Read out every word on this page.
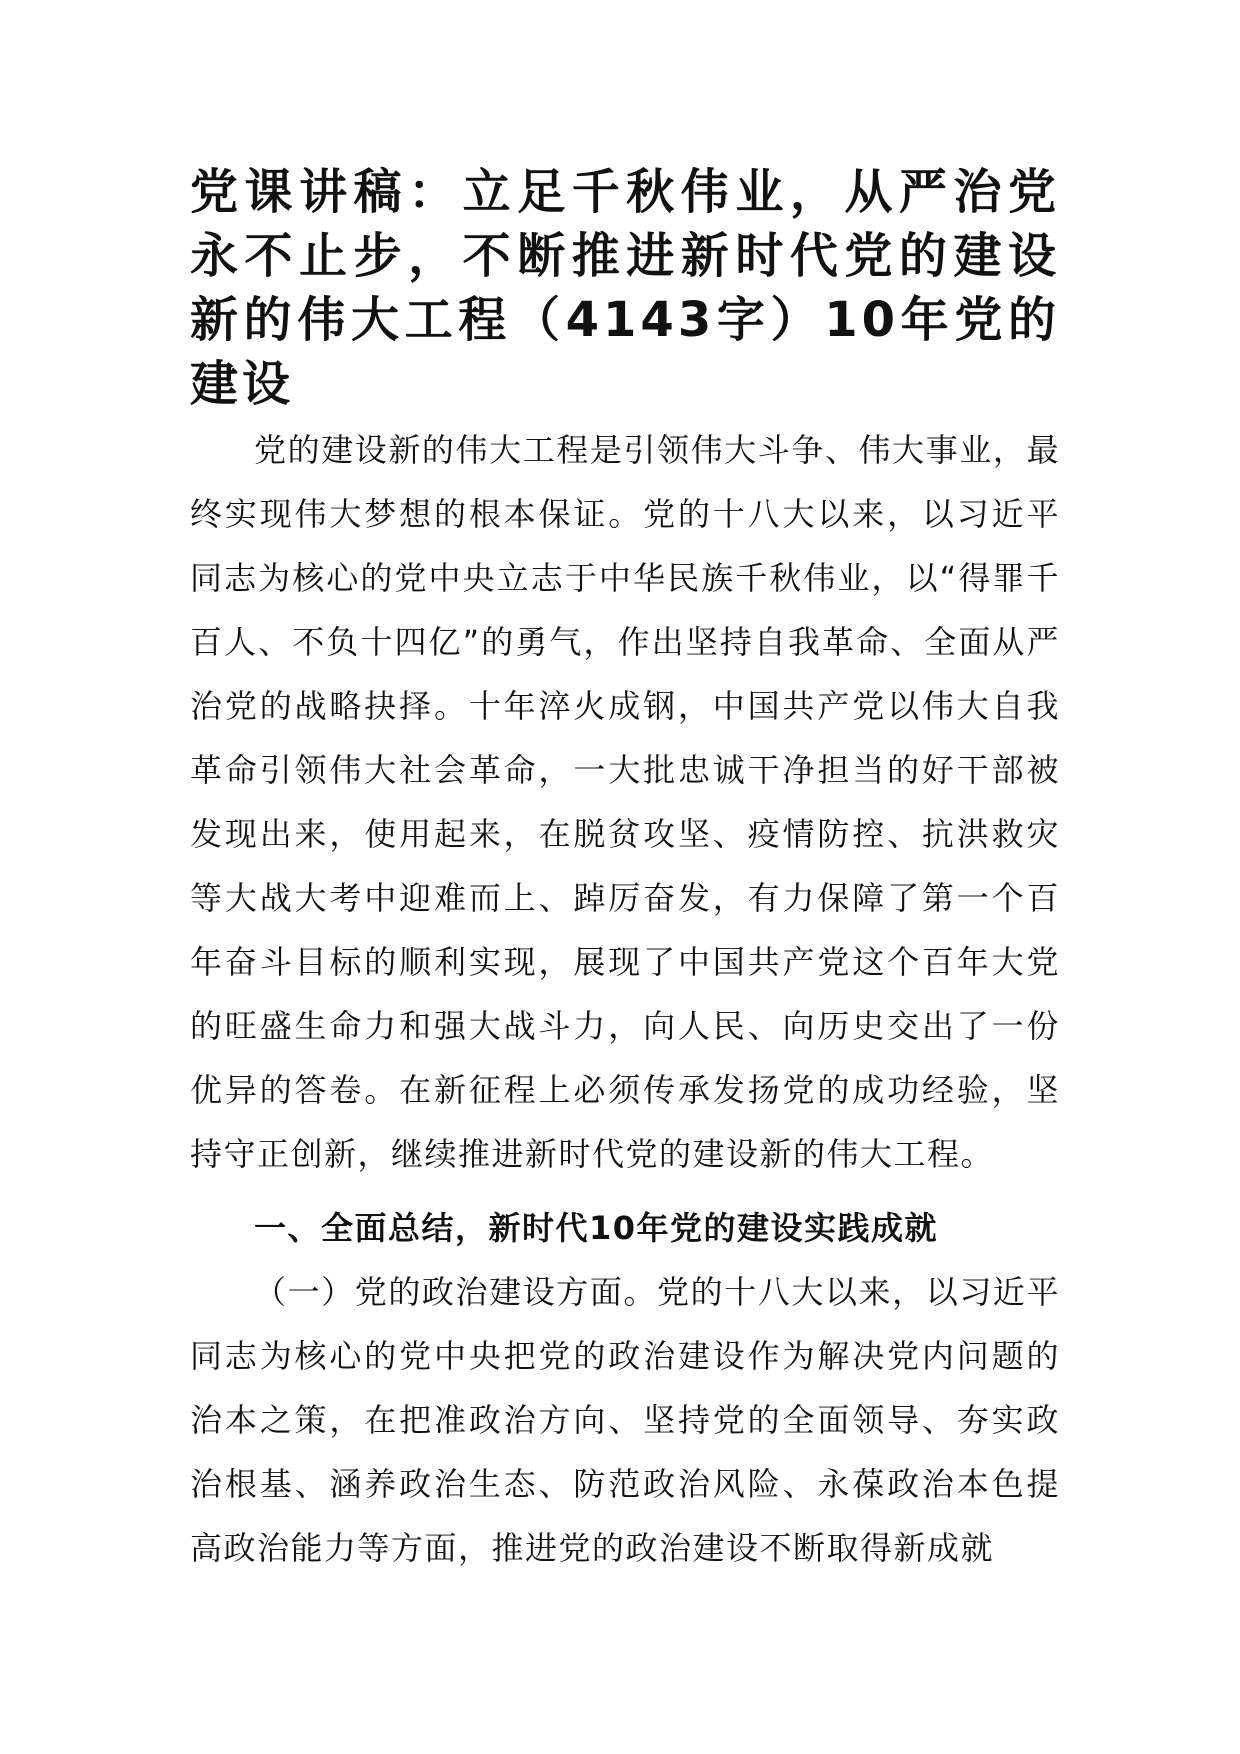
党课讲稿：立足千秋伟业，从严治党永不止步，不断推进新时代党的建设新的伟大工程（4143字）10年党的建设

党的建设新的伟大工程是引领伟大斗争、伟大事业，最终实现伟大梦想的根本保证。党的十八大以来，以习近平同志为核心的党中央立志于中华民族千秋伟业，以“得罪千百人、不负十四亿”的勇气，作出坚持自我革命、全面从严治党的战略抉择。十年淬火成钢，中国共产党以伟大自我革命引领伟大社会革命，一大批忠诚干净担当的好干部被发现出来，使用起来，在脱贫攻坚、疫情防控、抗洪救灾等大战大考中迎难而上、踔厉奋发，有力保障了第一个百年奋斗目标的顺利实现，展现了中国共产党这个百年大党的旺盛生命力和强大战斗力，向人民、向历史交出了一份优异的答卷。在新征程上必须传承发扬党的成功经验，坚持守正创新，继续推进新时代党的建设新的伟大工程。

一、全面总结，新时代10年党的建设实践成就

（一）党的政治建设方面。党的十八大以来，以习近平同志为核心的党中央把党的政治建设作为解决党内问题的治本之策，在把准政治方向、坚持党的全面领导、夯实政治根基、涵养政治生态、防范政治风险、永葆政治本色提高政治能力等方面，推进党的政治建设不断取得新成就
